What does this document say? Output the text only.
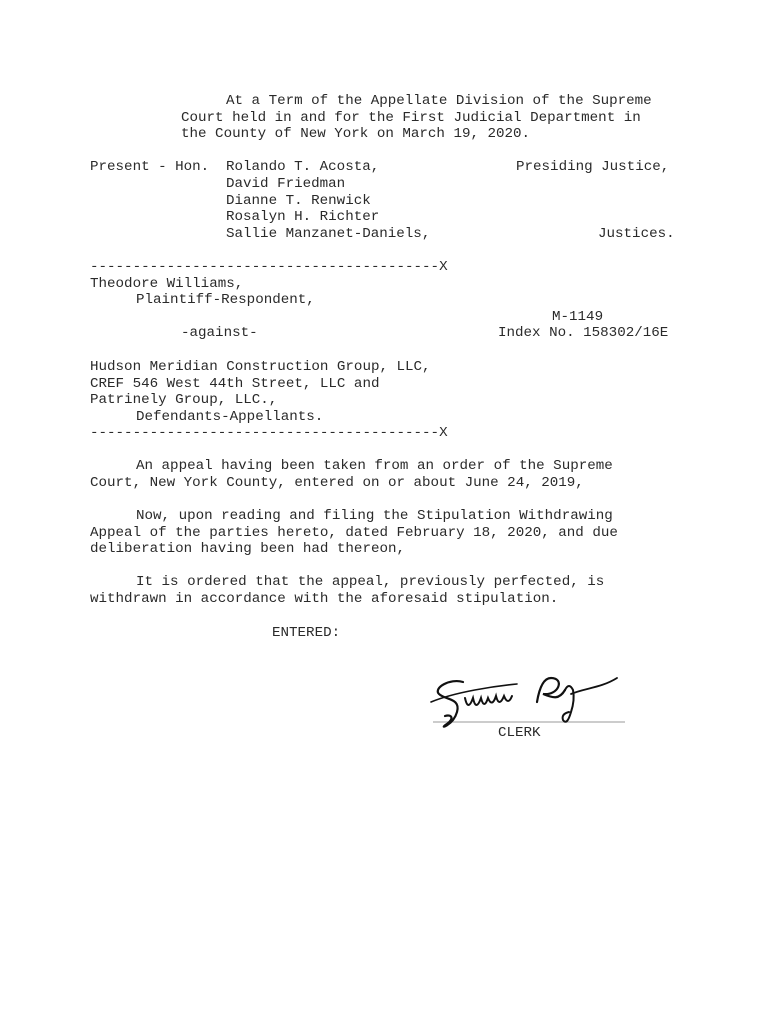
At a Term of the Appellate Division of the Supreme
Court held in and for the First Judicial Department in
the County of New York on March 19, 2020.
Present - Hon. Rolando T. Acosta,	Presiding Justice,
David Friedman
Dianne T. Renwick
Rosalyn H. Richter
Sallie Manzanet-Daniels,	Justices.
-----------------------------------------X
Theodore Williams,
Plaintiff-Respondent,
M-1149
-against-	Index No. 158302/16E
Hudson Meridian Construction Group, LLC,
CREF 546 West 44th Street, LLC and
Patrinely Group, LLC.,
Defendants-Appellants.
-----------------------------------------X
An appeal having been taken from an order of the Supreme
Court, New York County, entered on or about June 24, 2019,
Now, upon reading and filing the Stipulation Withdrawing
Appeal of the parties hereto, dated February 18, 2020, and due
deliberation having been had thereon,
It is ordered that the appeal, previously perfected, is
withdrawn in accordance with the aforesaid stipulation.
ENTERED:
CLERK
